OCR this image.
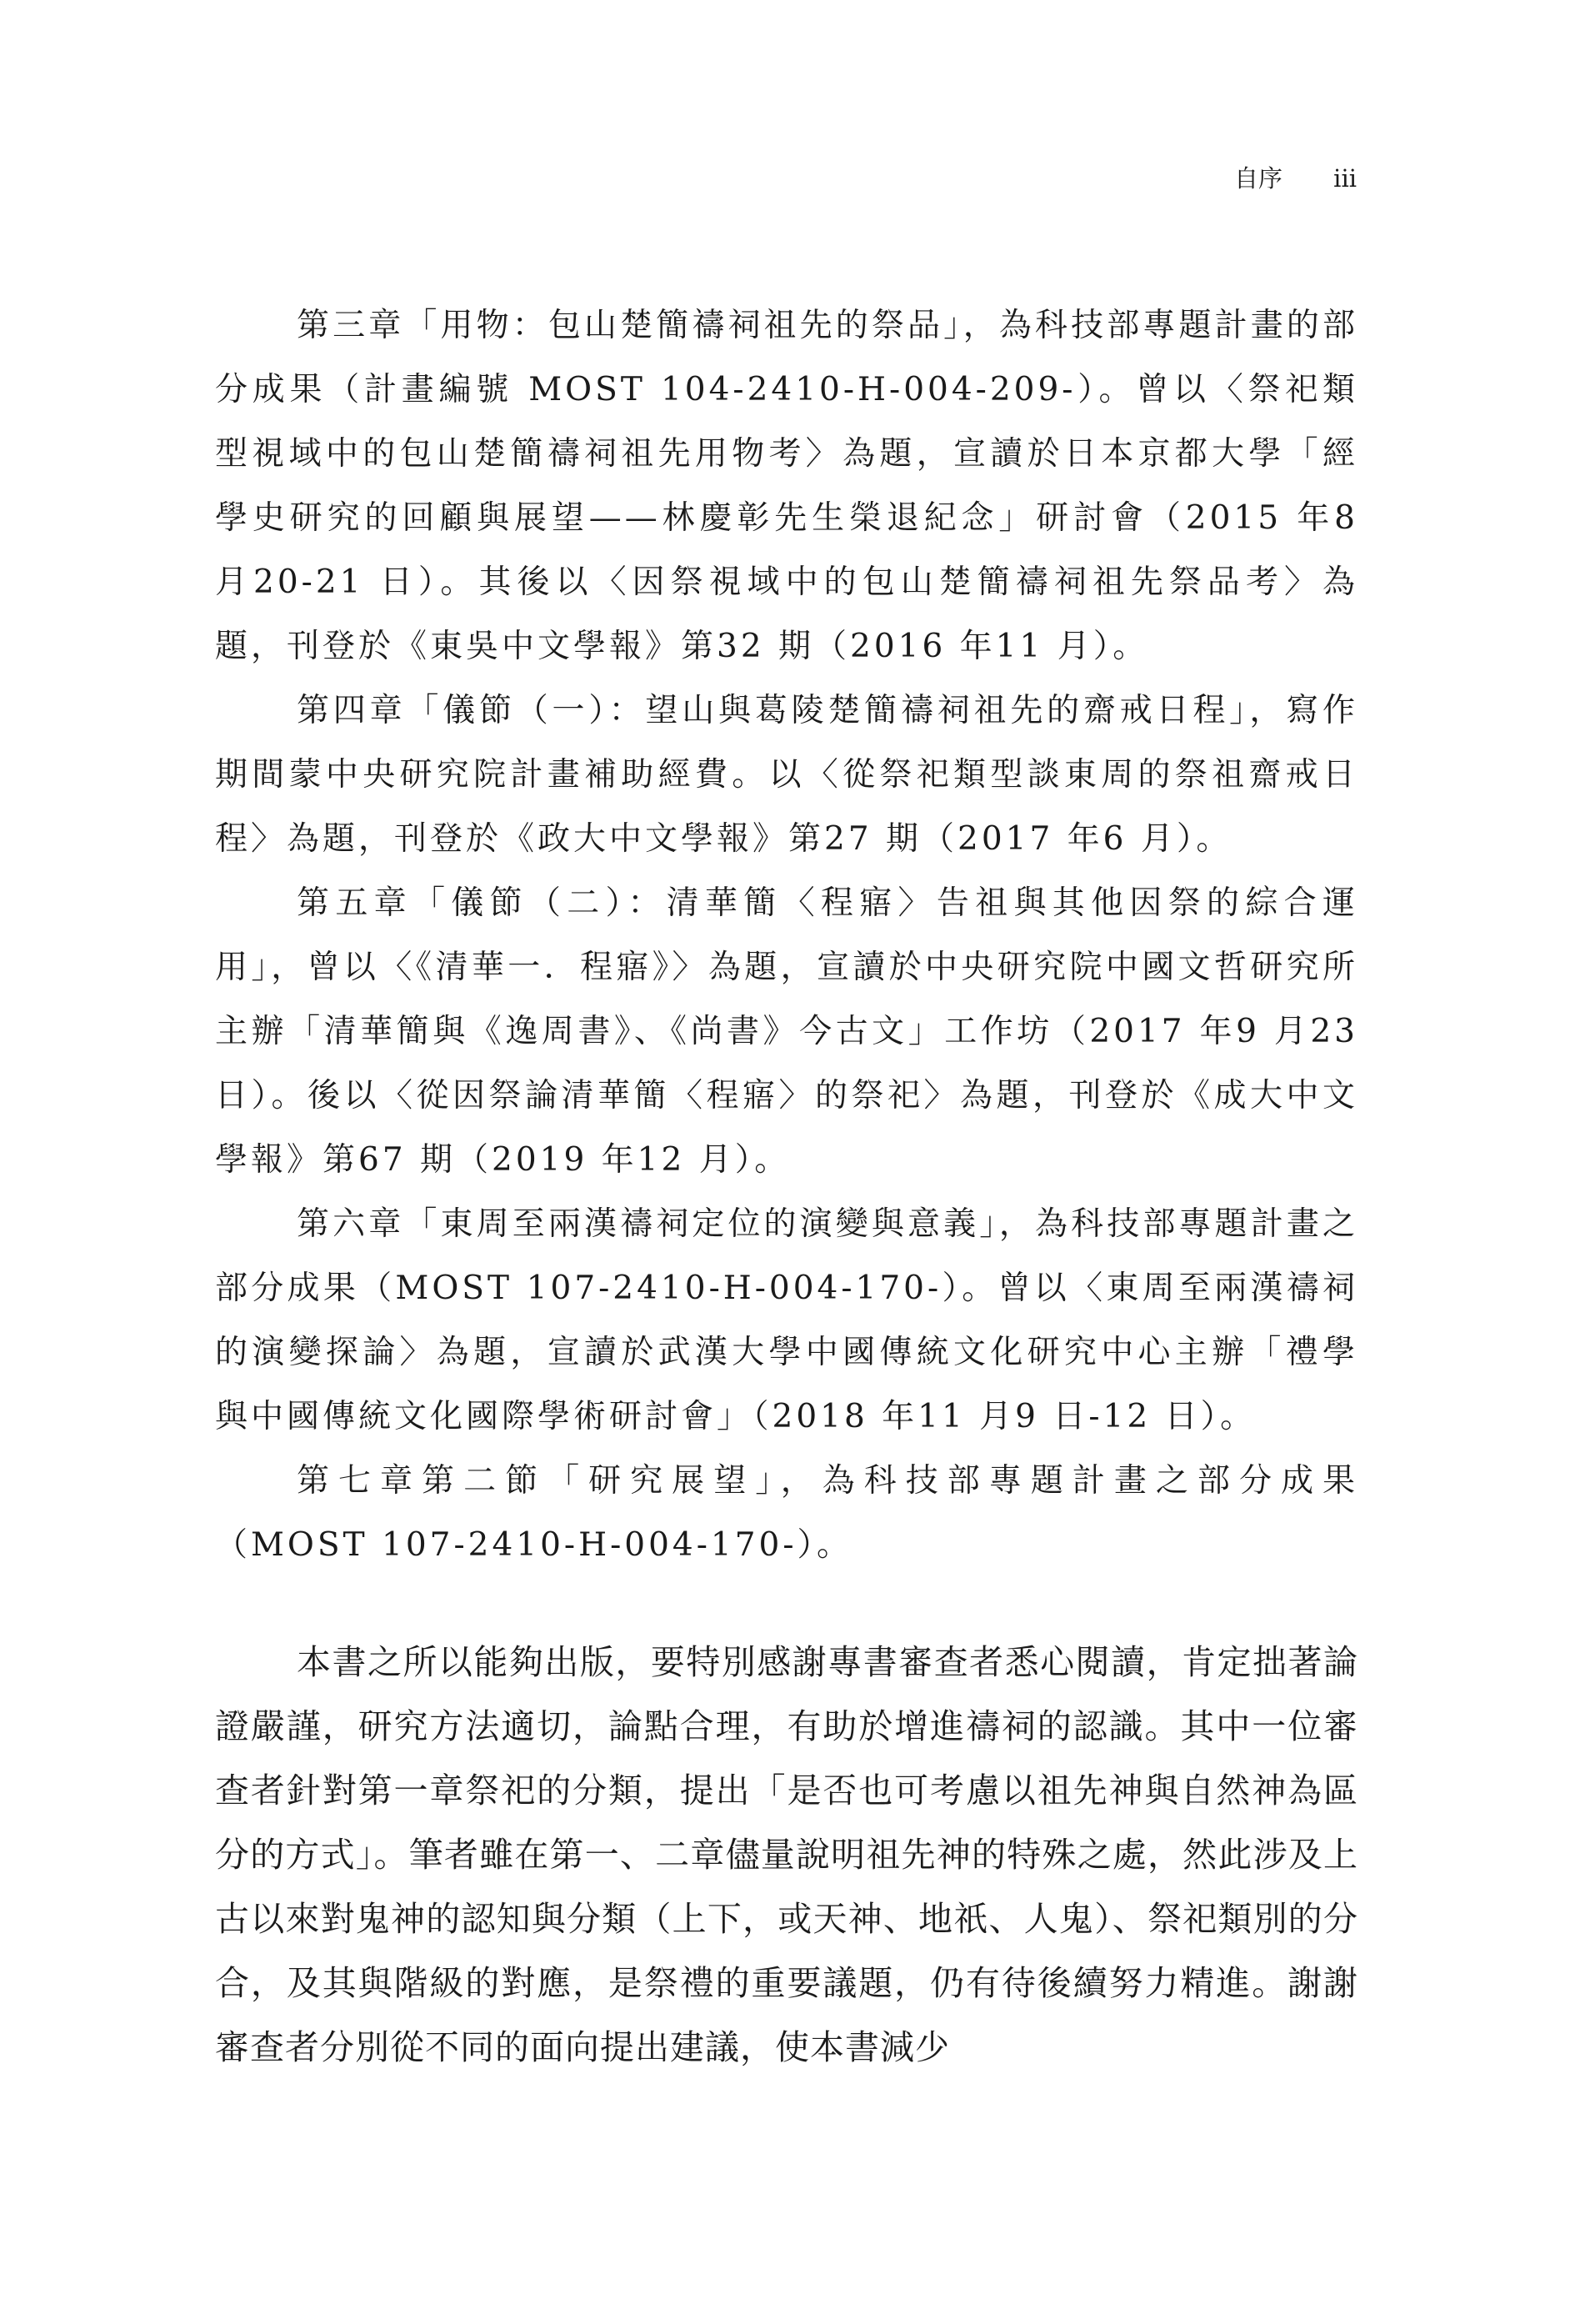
自序 iii

第三章「用物：包山楚簡禱祠祖先的祭品」，為科技部專題計畫的部分成果（計畫編號 MOST 104-2410-H-004-209-）。曾以〈祭祀類型視域中的包山楚簡禱祠祖先用物考〉為題，宣讀於日本京都大學「經學史研究的回顧與展望——林慶彰先生榮退紀念」研討會（2015 年8 月20-21 日）。其後以〈因祭視域中的包山楚簡禱祠祖先祭品考〉為題，刊登於《東吳中文學報》第32 期（2016 年11 月）。

第四章「儀節（一）：望山與葛陵楚簡禱祠祖先的齋戒日程」，寫作期間蒙中央研究院計畫補助經費。以〈從祭祀類型談東周的祭祖齋戒日程〉為題，刊登於《政大中文學報》第27 期（2017 年6 月）。

第五章「儀節（二）：清華簡〈程寤〉告祖與其他因祭的綜合運用」，曾以〈《清華一．程寤》〉為題，宣讀於中央研究院中國文哲研究所主辦「清華簡與《逸周書》、《尚書》今古文」工作坊（2017 年9 月23 日）。後以〈從因祭論清華簡〈程寤〉的祭祀〉為題，刊登於《成大中文學報》第67 期（2019 年12 月）。

第六章「東周至兩漢禱祠定位的演變與意義」，為科技部專題計畫之部分成果（MOST 107-2410-H-004-170-）。曾以〈東周至兩漢禱祠的演變探論〉為題，宣讀於武漢大學中國傳統文化研究中心主辦「禮學與中國傳統文化國際學術研討會」（2018 年11 月9 日-12 日）。

第七章第二節「研究展望」，為科技部專題計畫之部分成果（MOST 107-2410-H-004-170-）。

本書之所以能夠出版，要特別感謝專書審查者悉心閱讀，肯定拙著論證嚴謹，研究方法適切，論點合理，有助於增進禱祠的認識。其中一位審查者針對第一章祭祀的分類，提出「是否也可考慮以祖先神與自然神為區分的方式」。筆者雖在第一、二章儘量說明祖先神的特殊之處，然此涉及上古以來對鬼神的認知與分類（上下，或天神、地祇、人鬼）、祭祀類別的分合，及其與階級的對應，是祭禮的重要議題，仍有待後續努力精進。謝謝審查者分別從不同的面向提出建議，使本書減少
